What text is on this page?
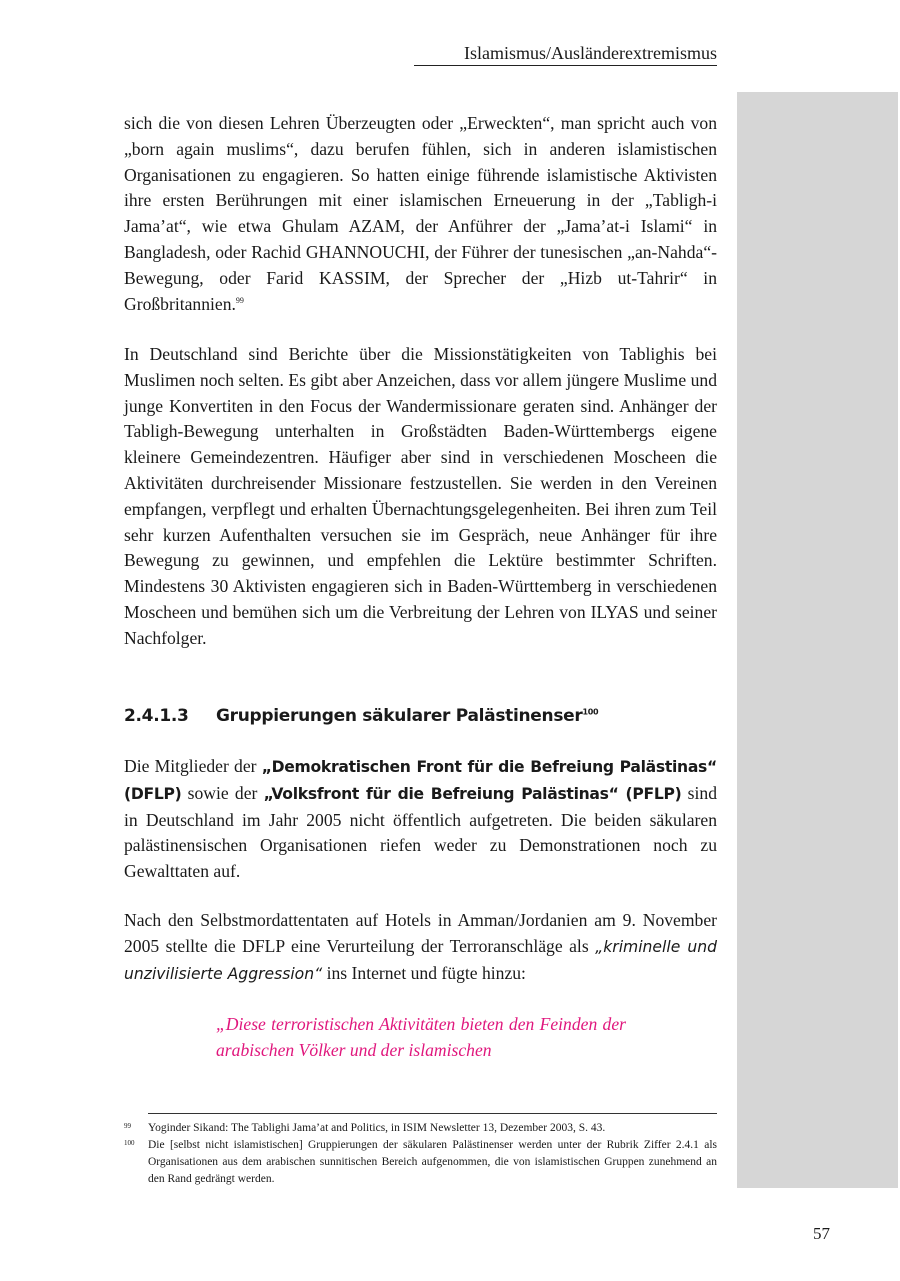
Islamismus/Ausländerextremismus

sich die von diesen Lehren Überzeugten oder „Erweckten“, man spricht auch von „born again muslims“, dazu berufen fühlen, sich in anderen islamistischen Organisationen zu engagieren. So hatten einige führende islamistische Aktivisten ihre ersten Berührungen mit einer islamischen Erneuerung in der „Tabligh-i Jama’at“, wie etwa Ghulam AZAM, der Anführer der „Jama’at-i Islami“ in Bangladesh, oder Rachid GHANNOUCHI, der Führer der tunesischen „an-Nahda“-Bewegung, oder Farid KASSIM, der Sprecher der „Hizb ut-Tahrir“ in Großbritannien.$^{99}$

In Deutschland sind Berichte über die Missionstätigkeiten von Tablighis bei Muslimen noch selten. Es gibt aber Anzeichen, dass vor allem jüngere Muslime und junge Konvertiten in den Focus der Wandermissionare geraten sind. Anhänger der Tabligh-Bewegung unterhalten in Großstädten Baden-Württembergs eigene kleinere Gemeindezentren. Häufiger aber sind in verschiedenen Moscheen die Aktivitäten durchreisender Missionare festzustellen. Sie werden in den Vereinen empfangen, verpflegt und erhalten Übernachtungsgelegenheiten. Bei ihren zum Teil sehr kurzen Aufenthalten versuchen sie im Gespräch, neue Anhänger für ihre Bewegung zu gewinnen, und empfehlen die Lektüre bestimmter Schriften. Mindestens 30 Aktivisten engagieren sich in Baden-Württemberg in verschiedenen Moscheen und bemühen sich um die Verbreitung der Lehren von ILYAS und seiner Nachfolger.

2.4.1.3 Gruppierungen säkularer Palästinenser$^{100}$

Die Mitglieder der „Demokratischen Front für die Befreiung Palästinas“ (DFLP) sowie der „Volksfront für die Befreiung Palästinas“ (PFLP) sind in Deutschland im Jahr 2005 nicht öffentlich aufgetreten. Die beiden säkularen palästinensischen Organisationen riefen weder zu Demonstrationen noch zu Gewalttaten auf.

Nach den Selbstmordattentaten auf Hotels in Amman/Jordanien am 9. November 2005 stellte die DFLP eine Verurteilung der Terroranschläge als „kriminelle und unzivilisierte Aggression“ ins Internet und fügte hinzu:

„Diese terroristischen Aktivitäten bieten den Feinden der arabischen Völker und der islamischen

99	Yoginder Sikand: The Tablighi Jama’at and Politics, in ISIM Newsletter 13, Dezember 2003, S. 43.
100	Die [selbst nicht islamistischen] Gruppierungen der säkularen Palästinenser werden unter der Rubrik Ziffer 2.4.1 als Organisationen aus dem arabischen sunnitischen Bereich aufgenommen, die von islamistischen Gruppen zunehmend an den Rand gedrängt werden.
57
